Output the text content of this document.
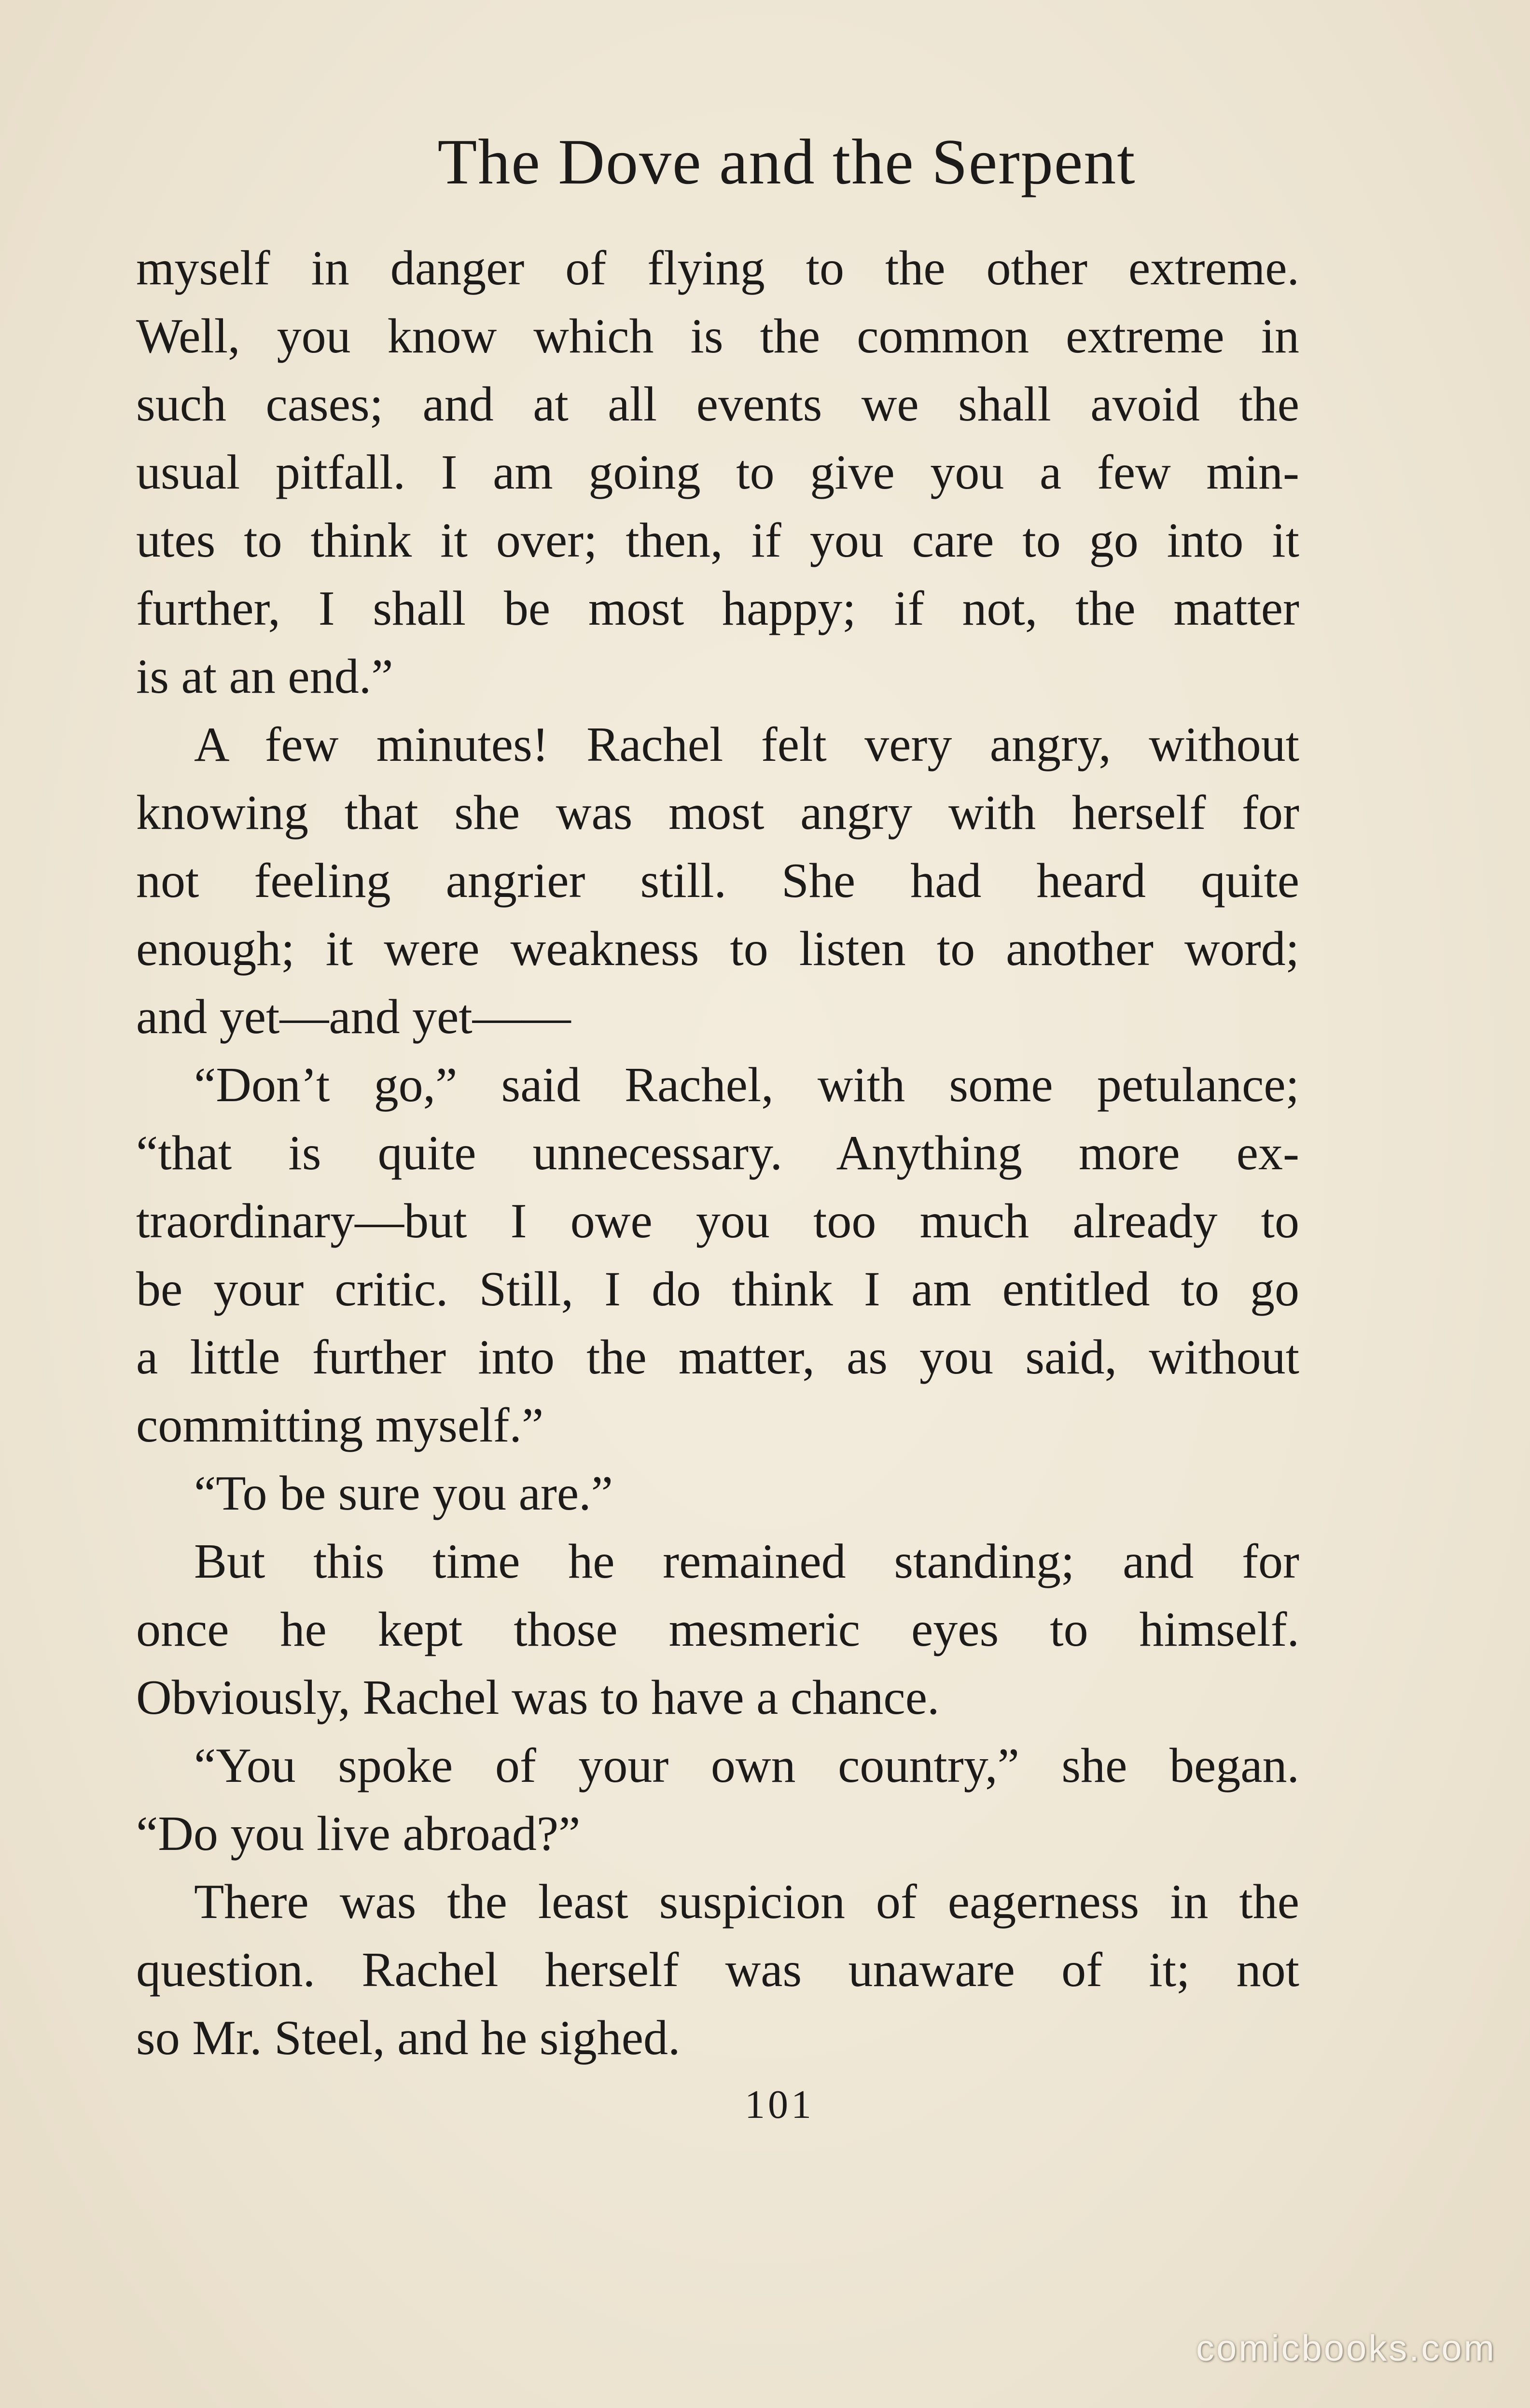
The Dove and the Serpent
myself in danger of flying to the other extreme.
Well, you know which is the common extreme in
such cases; and at all events we shall avoid the
usual pitfall. I am going to give you a few min-
utes to think it over; then, if you care to go into it
further, I shall be most happy; if not, the matter
is at an end.”
A few minutes! Rachel felt very angry, without
knowing that she was most angry with herself for
not feeling angrier still. She had heard quite
enough; it were weakness to listen to another word;
and yet—and yet——
“Don’t go,” said Rachel, with some petulance;
“that is quite unnecessary. Anything more ex-
traordinary—but I owe you too much already to
be your critic. Still, I do think I am entitled to go
a little further into the matter, as you said, without
committing myself.”
“To be sure you are.”
But this time he remained standing; and for
once he kept those mesmeric eyes to himself.
Obviously, Rachel was to have a chance.
“You spoke of your own country,” she began.
“Do you live abroad?”
There was the least suspicion of eagerness in the
question. Rachel herself was unaware of it; not
so Mr. Steel, and he sighed.
101
comicbooks.com
